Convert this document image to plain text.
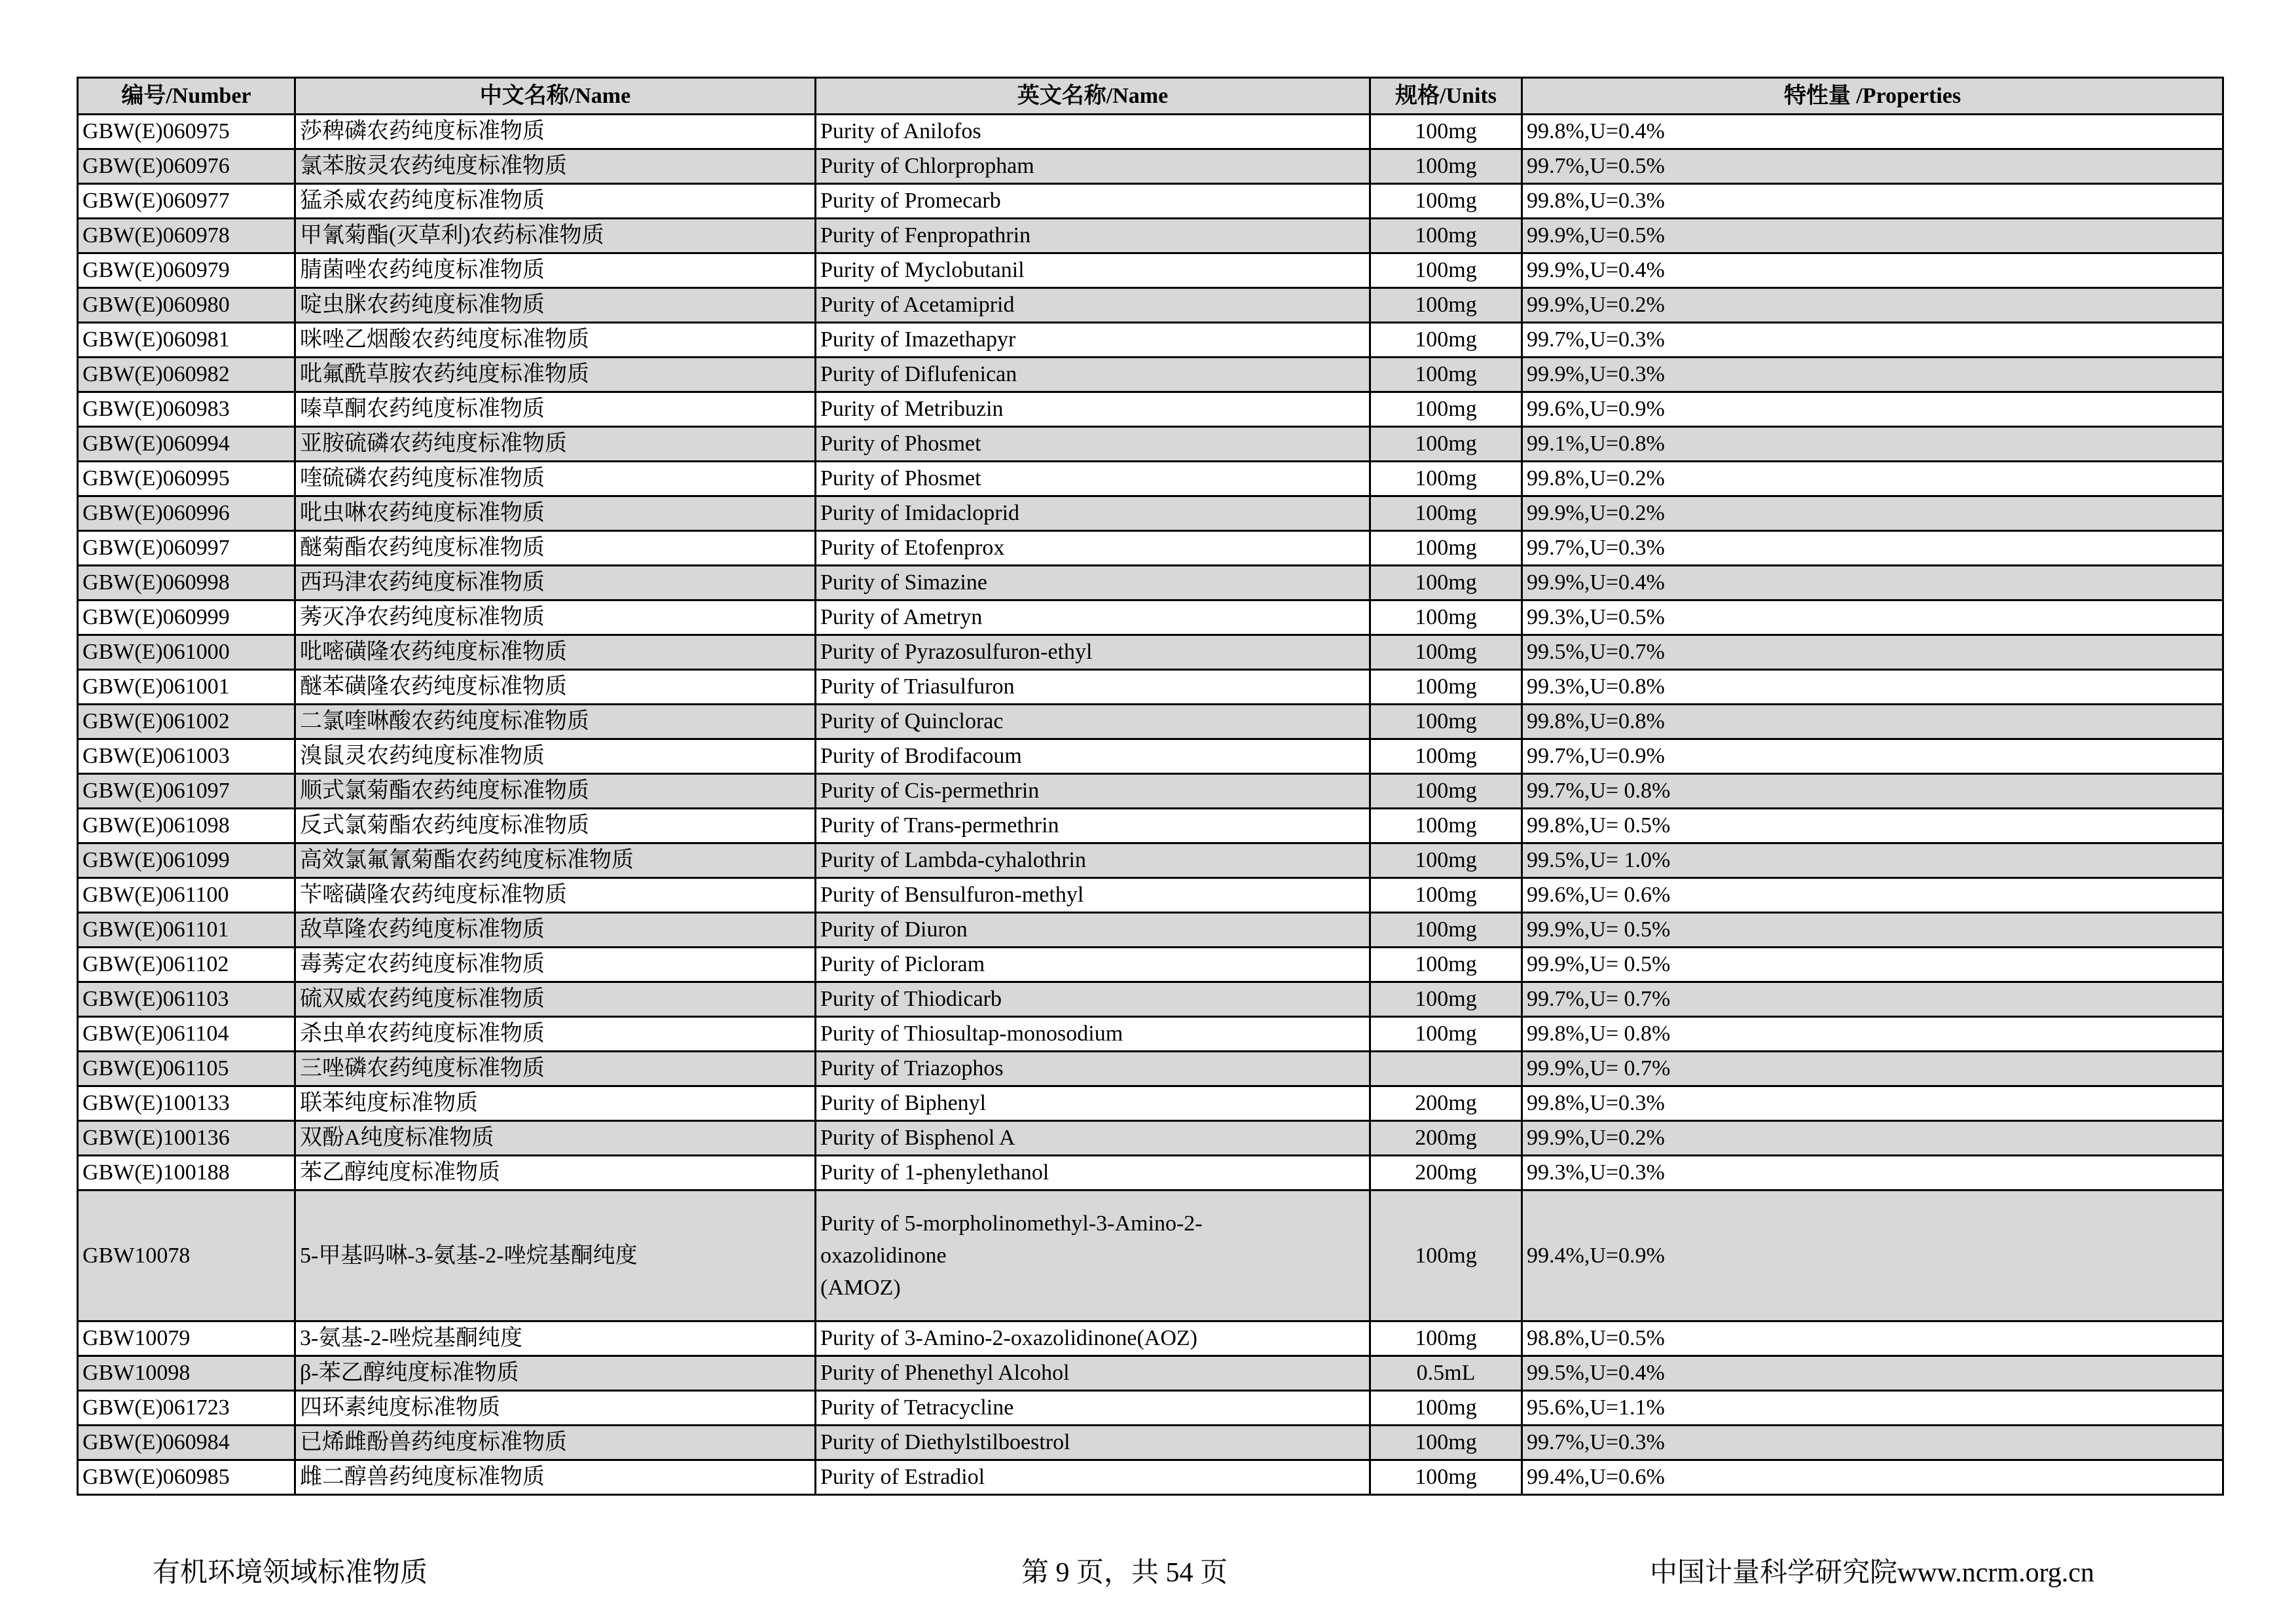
编号/Number	中文名称/Name	英文名称/Name	规格/Units	特性量 /Properties
GBW(E)060975	莎稗磷农药纯度标准物质	Purity of Anilofos	100mg	99.8%,U=0.4%
GBW(E)060976	氯苯胺灵农药纯度标准物质	Purity of Chlorpropham	100mg	99.7%,U=0.5%
GBW(E)060977	猛杀威农药纯度标准物质	Purity of Promecarb	100mg	99.8%,U=0.3%
GBW(E)060978	甲氰菊酯(灭草利)农药标准物质	Purity of Fenpropathrin	100mg	99.9%,U=0.5%
GBW(E)060979	腈菌唑农药纯度标准物质	Purity of Myclobutanil	100mg	99.9%,U=0.4%
GBW(E)060980	啶虫脒农药纯度标准物质	Purity of Acetamiprid	100mg	99.9%,U=0.2%
GBW(E)060981	咪唑乙烟酸农药纯度标准物质	Purity of Imazethapyr	100mg	99.7%,U=0.3%
GBW(E)060982	吡氟酰草胺农药纯度标准物质	Purity of Diflufenican	100mg	99.9%,U=0.3%
GBW(E)060983	嗪草酮农药纯度标准物质	Purity of Metribuzin	100mg	99.6%,U=0.9%
GBW(E)060994	亚胺硫磷农药纯度标准物质	Purity of Phosmet	100mg	99.1%,U=0.8%
GBW(E)060995	喹硫磷农药纯度标准物质	Purity of Phosmet	100mg	99.8%,U=0.2%
GBW(E)060996	吡虫啉农药纯度标准物质	Purity of Imidacloprid	100mg	99.9%,U=0.2%
GBW(E)060997	醚菊酯农药纯度标准物质	Purity of Etofenprox	100mg	99.7%,U=0.3%
GBW(E)060998	西玛津农药纯度标准物质	Purity of Simazine	100mg	99.9%,U=0.4%
GBW(E)060999	莠灭净农药纯度标准物质	Purity of Ametryn	100mg	99.3%,U=0.5%
GBW(E)061000	吡嘧磺隆农药纯度标准物质	Purity of Pyrazosulfuron-ethyl	100mg	99.5%,U=0.7%
GBW(E)061001	醚苯磺隆农药纯度标准物质	Purity of Triasulfuron	100mg	99.3%,U=0.8%
GBW(E)061002	二氯喹啉酸农药纯度标准物质	Purity of Quinclorac	100mg	99.8%,U=0.8%
GBW(E)061003	溴鼠灵农药纯度标准物质	Purity of Brodifacoum	100mg	99.7%,U=0.9%
GBW(E)061097	顺式氯菊酯农药纯度标准物质	Purity of Cis-permethrin	100mg	99.7%,U= 0.8%
GBW(E)061098	反式氯菊酯农药纯度标准物质	Purity of Trans-permethrin	100mg	99.8%,U= 0.5%
GBW(E)061099	高效氯氟氰菊酯农药纯度标准物质	Purity of Lambda-cyhalothrin	100mg	99.5%,U= 1.0%
GBW(E)061100	苄嘧磺隆农药纯度标准物质	Purity of Bensulfuron-methyl	100mg	99.6%,U= 0.6%
GBW(E)061101	敌草隆农药纯度标准物质	Purity of Diuron	100mg	99.9%,U= 0.5%
GBW(E)061102	毒莠定农药纯度标准物质	Purity of Picloram	100mg	99.9%,U= 0.5%
GBW(E)061103	硫双威农药纯度标准物质	Purity of Thiodicarb	100mg	99.7%,U= 0.7%
GBW(E)061104	杀虫单农药纯度标准物质	Purity of Thiosultap-monosodium	100mg	99.8%,U= 0.8%
GBW(E)061105	三唑磷农药纯度标准物质	Purity of Triazophos		99.9%,U= 0.7%
GBW(E)100133	联苯纯度标准物质	Purity of Biphenyl	200mg	99.8%,U=0.3%
GBW(E)100136	双酚A纯度标准物质	Purity of Bisphenol A	200mg	99.9%,U=0.2%
GBW(E)100188	苯乙醇纯度标准物质	Purity of 1-phenylethanol	200mg	99.3%,U=0.3%
GBW10078	5-甲基吗啉-3-氨基-2-唑烷基酮纯度	Purity of 5-morpholinomethyl-3-Amino-2-
oxazolidinone
(AMOZ)	100mg	99.4%,U=0.9%
GBW10079	3-氨基-2-唑烷基酮纯度	Purity of 3-Amino-2-oxazolidinone(AOZ)	100mg	98.8%,U=0.5%
GBW10098	β-苯乙醇纯度标准物质	Purity of Phenethyl Alcohol	0.5mL	99.5%,U=0.4%
GBW(E)061723	四环素纯度标准物质	Purity of Tetracycline	100mg	95.6%,U=1.1%
GBW(E)060984	已烯雌酚兽药纯度标准物质	Purity of Diethylstilboestrol	100mg	99.7%,U=0.3%
GBW(E)060985	雌二醇兽药纯度标准物质	Purity of Estradiol	100mg	99.4%,U=0.6%
有机环境领域标准物质	第 9 页，共 54 页	中国计量科学研究院www.ncrm.org.cn
